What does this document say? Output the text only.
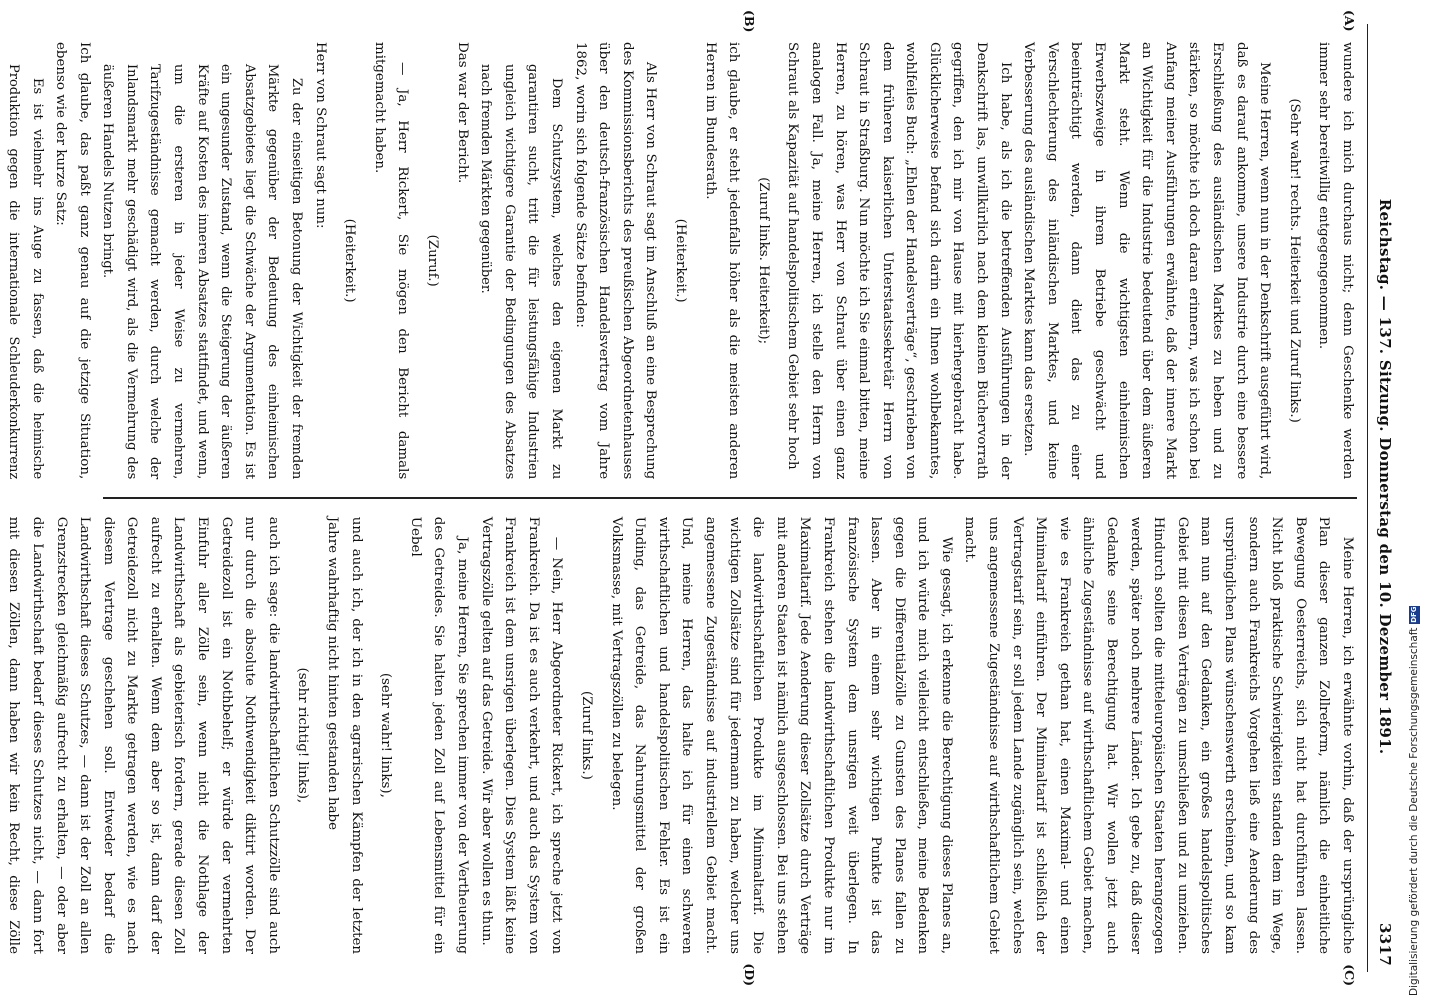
Reichstag. — 137. Sitzung. Donnerstag den 10. Dezember 1891.
3317
(A)
(B)

wundere ich mich durchaus nicht; denn Geschenke werden immer sehr bereitwillig entgegengenommen.

(Sehr wahr! rechts. Heiterkeit und Zuruf links.)

Meine Herren, wenn nun in der Denkschrift ausgeführt wird, daß es darauf ankomme, unsere Industrie durch eine bessere Erschließung des ausländischen Marktes zu heben und zu stärken, so möchte ich doch daran erinnern, was ich schon bei Anfang meiner Ausführungen erwähnte, daß der innere Markt an Wichtigkeit für die Industrie bedeutend über dem äußeren Markt steht. Wenn die wichtigsten einheimischen Erwerbszweige in ihrem Betriebe geschwächt und beeinträchtigt werden, dann dient das zu einer Verschlechterung des inländischen Marktes, und keine Verbesserung des ausländischen Marktes kann das ersetzen.

Ich habe, als ich die betreffenden Ausführungen in der Denkschrift las, unwillkürlich nach dem kleinen Büchervorrath gegriffen, den ich mir von Hause mit hierhergebracht habe. Glücklicherweise befand sich darin ein Ihnen wohlbekanntes, wohlfeiles Buch: „Ehlen der Handelsverträge“, geschrieben von dem früheren kaiserlichen Unterstaatssekretär Herrn von Schraut in Straßburg. Nun möchte ich Sie einmal bitten, meine Herren, zu hören, was Herr von Schraut über einen ganz analogen Fall. Ja, meine Herren, ich stelle den Herrn von Schraut als Kapazität auf handelspolitischem Gebiet sehr hoch

(Zuruf links. Heiterkeit);

ich glaube, er steht jedenfalls höher als die meisten anderen Herren im Bundesrath.

(Heiterkeit.)

Als Herr von Schraut sagt im Anschluß an eine Besprechung des Kommissionsberichts des preußischen Abgeordnetenhauses über den deutsch-französischen Handelsvertrag vom Jahre 1862, worin sich folgende Sätze befinden:

Dem Schutzsystem, welches den eigenen Markt zu garantiren sucht, tritt die für leistungsfähige Industrien ungleich wichtigere Garantie der Bedingungen des Absatzes nach fremden Märkten gegenüber.

Das war der Bericht.

(Zuruf.)

— Ja, Herr Rickert, Sie mögen den Bericht damals mitgemacht haben.

(Heiterkeit.)

Herr von Schraut sagt nun:

Zu der einseitigen Betonung der Wichtigkeit der fremden Märkte gegenüber der Bedeutung des einheimischen Absatzgebietes liegt die Schwäche der Argumentation. Es ist ein ungesunder Zustand, wenn die Steigerung der äußeren Kräfte auf Kosten des inneren Absatzes stattfindet, und wenn, um die ersteren in jeder Weise zu vermehren, Tarifzugeständnisse gemacht werden, durch welche der Inlandsmarkt mehr geschädigt wird, als die Vermehrung des äußeren Handels Nutzen bringt.

Ich glaube, das paßt ganz genau auf die jetzige Situation, ebenso wie der kurze Satz:

Es ist vielmehr ins Auge zu fassen, daß die heimische Produktion gegen die internationale Schleuderkonkurrenz

Meine Herren, ich erwähnte vorhin, daß der ursprüngliche Plan dieser ganzen Zollreform, nämlich die einheitliche Bewegung Oesterreichs, sich nicht hat durchführen lassen. Nicht bloß praktische Schwierigkeiten standen dem im Wege, sondern auch Frankreichs Vorgehen ließ eine Aenderung des ursprünglichen Plans wünschenswerth erscheinen, und so kam man nun auf den Gedanken, ein großes handelspolitisches Gebiet mit diesen Verträgen zu umschließen und zu umziehen. Hindurch sollten die mitteleuropäischen Staaten herangezogen werden, später noch mehrere Länder. Ich gebe zu, daß dieser Gedanke seine Berechtigung hat. Wir wollen jetzt auch ähnliche Zugeständnisse auf wirthschaftlichem Gebiet machen, wie es Frankreich gethan hat, einen Maximal- und einen Minimaltarif einführen. Der Minimaltarif ist schließlich der Vertragstarif sein, er soll jedem Lande zugänglich sein, welches uns angemessene Zugeständnisse auf wirthschaftlichem Gebiet macht.

Wie gesagt, ich erkenne die Berechtigung dieses Planes an, und ich würde mich vielleicht entschließen, meine Bedenken gegen die Differentialzölle zu Gunsten des Planes fallen zu lassen. Aber in einem sehr wichtigen Punkte ist das französische System dem unsrigen weit überlegen. In Frankreich stehen die landwirthschaftlichen Produkte nur im Maximaltarif. Jede Aenderung dieser Zollsätze durch Verträge mit anderen Staaten ist nämlich ausgeschlossen. Bei uns stehen die landwirthschaftlichen Produkte im Minimaltarif. Die wichtigen Zollsätze sind für jedermann zu haben, welcher uns angemessene Zugeständnisse auf industriellem Gebiet macht. Und, meine Herren, das halte ich für einen schweren wirthschaftlichen und handelspolitischen Fehler. Es ist ein Unding, das Getreide, das Nahrungsmittel der großen Volksmasse, mit Vertragszöllen zu belegen.

(Zuruf links.)

— Nein, Herr Abgeordneter Rickert, ich spreche jetzt von Frankreich. Da ist es auch verkehrt, und auch das System von Frankreich ist dem unsrigen überlegen. Dies System läßt keine Vertragszölle gelten auf das Getreide. Wir aber wollen es thun.

Ja, meine Herren, Sie sprechen immer von der Vertheuerung des Getreides. Sie halten jeden Zoll auf Lebensmittel für ein Uebel

(sehr wahr! links),

und auch ich, der ich in den agrarischen Kämpfen der letzten Jahre wahrhaftig nicht hinten gestanden habe

(sehr richtig! links),

auch ich sage: die landwirthschaftlichen Schutzzölle sind auch nur durch die absolute Nothwendigkeit diktirt worden. Der Getreidezoll ist ein Nothbehelf; er würde der vermehrten Einfuhr aller Zölle sein, wenn nicht die Nothlage der Landwirthschaft als gebieterisch fordern, gerade diesen Zoll aufrecht zu erhalten. Wenn dem aber so ist, dann darf der Getreidezoll nicht zu Markte getragen werden, wie es nach diesem Vertrage geschehen soll. Entweder bedarf die Landwirthschaft dieses Schutzes, — dann ist der Zoll an allen Grenzstrecken gleichmäßig aufrecht zu erhalten, — oder aber die Landwirthschaft bedarf dieses Schutzes nicht, — dann fort mit diesen Zöllen, dann haben wir kein Recht, diese Zölle

(C)
(D)	Digitalisierung gefördert durch die Deutsche Forschungsgemeinschaft
DFG
